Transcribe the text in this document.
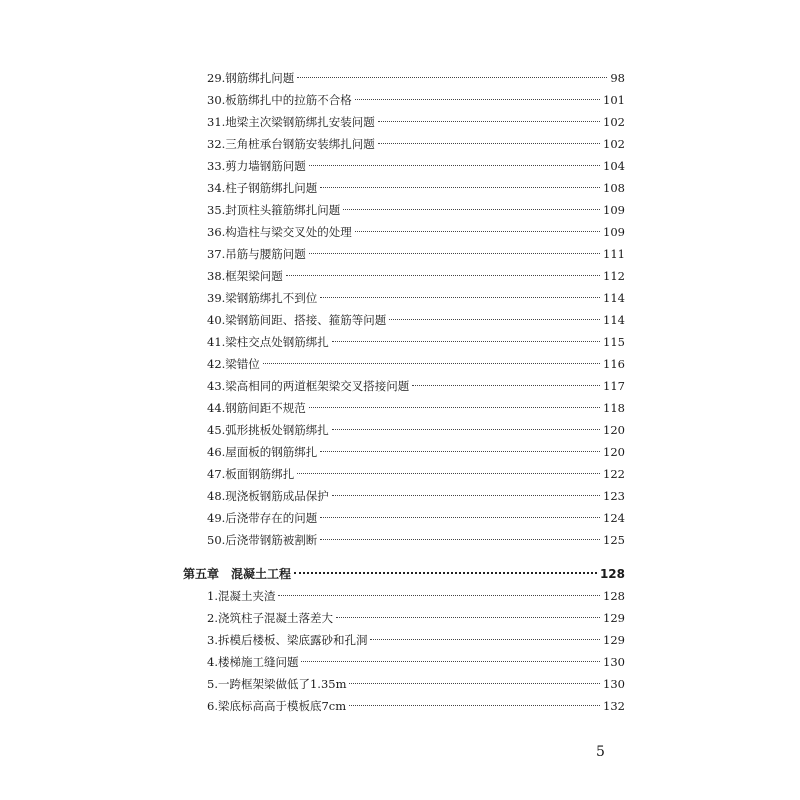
29.钢筋绑扎问题	98
30.板筋绑扎中的拉筋不合格	101
31.地梁主次梁钢筋绑扎安装问题	102
32.三角桩承台钢筋安装绑扎问题	102
33.剪力墙钢筋问题	104
34.柱子钢筋绑扎问题	108
35.封顶柱头箍筋绑扎问题	109
36.构造柱与梁交叉处的处理	109
37.吊筋与腰筋问题	111
38.框架梁问题	112
39.梁钢筋绑扎不到位	114
40.梁钢筋间距、搭接、箍筋等问题	114
41.梁柱交点处钢筋绑扎	115
42.梁错位	116
43.梁高相同的两道框架梁交叉搭接问题	117
44.钢筋间距不规范	118
45.弧形挑板处钢筋绑扎	120
46.屋面板的钢筋绑扎	120
47.板面钢筋绑扎	122
48.现浇板钢筋成品保护	123
49.后浇带存在的问题	124
50.后浇带钢筋被割断	125
第五章 混凝土工程	128
1.混凝土夹渣	128
2.浇筑柱子混凝土落差大	129
3.拆模后楼板、梁底露砂和孔洞	129
4.楼梯施工缝问题	130
5.一跨框架梁做低了1.35m	130
6.梁底标高高于模板底7cm	132
5
